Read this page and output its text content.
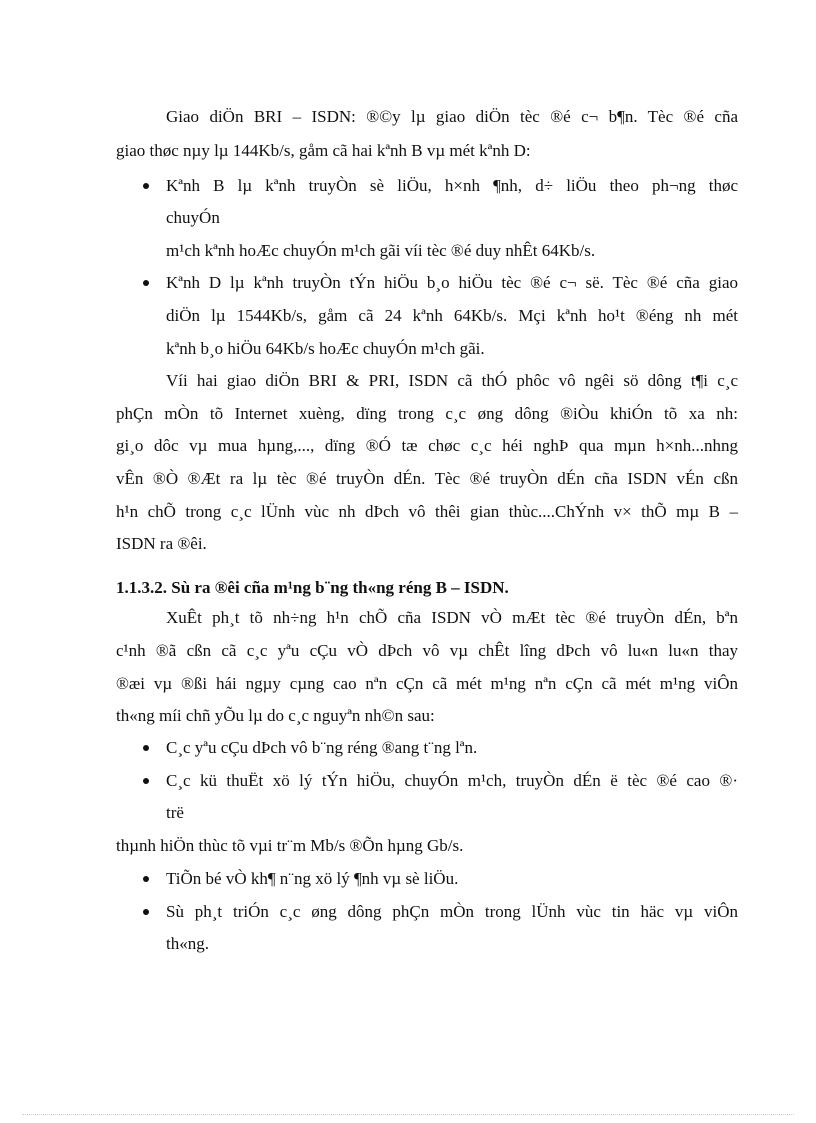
Giao diÖn BRI – ISDN: ®©y lµ giao diÖn tèc ®é c¬ b¶n. Tèc ®é cña
giao thøc nµy lµ 144Kb/s, gåm cã hai kªnh B vµ mét kªnh D:
Kªnh B lµ kªnh truyÒn sè liÖu, h×nh ¶nh, d÷ liÖu theo ph¬ng thøc
chuyÓn
m¹ch kªnh hoÆc chuyÓn m¹ch gãi víi tèc ®é duy nhÊt 64Kb/s.
Kªnh D lµ kªnh truyÒn tÝn hiÖu b¸o hiÖu tèc ®é c¬ së. Tèc ®é cña giao
diÖn lµ 1544Kb/s, gåm cã 24 kªnh 64Kb/s. Mçi kªnh ho¹t ®éng nh mét
kªnh b¸o hiÖu 64Kb/s hoÆc chuyÓn m¹ch gãi.
Víi hai giao diÖn BRI & PRI, ISDN cã thÓ phôc vô ngêi sö dông t¶i c¸c
phÇn mÒn tõ Internet xuèng, dïng trong c¸c øng dông ®iÒu khiÓn tõ xa nh:
gi¸o dôc vµ mua hµng,..., dïng ®Ó tæ chøc c¸c héi nghÞ qua mµn h×nh...nhng
vÊn ®Ò ®Æt ra lµ tèc ®é truyÒn dÉn. Tèc ®é truyÒn dÉn cña ISDN vÉn cßn
h¹n chÕ trong c¸c lÜnh vùc nh dÞch vô thêi gian thùc....ChÝnh v× thÕ mµ B –
ISDN ra ®êi.
1.1.3.2. Sù ra ®êi cña m¹ng b¨ng th«ng réng B – ISDN.
XuÊt ph¸t tõ nh÷ng h¹n chÕ cña ISDN vÒ mÆt tèc ®é truyÒn dÉn, bªn
c¹nh ®ã cßn cã c¸c yªu cÇu vÒ dÞch vô vµ chÊt lîng dÞch vô lu«n lu«n thay
®æi vµ ®ßi hái ngµy cµng cao nªn cÇn cã mét m¹ng nªn cÇn cã mét m¹ng viÔn
th«ng míi chñ yÕu lµ do c¸c nguyªn nh©n sau:
C¸c yªu cÇu dÞch vô b¨ng réng ®ang t¨ng lªn.
C¸c kü thuËt xö lý tÝn hiÖu, chuyÓn m¹ch, truyÒn dÉn ë tèc ®é cao ®·
trë
thµnh hiÖn thùc tõ vµi tr¨m Mb/s ®Õn hµng Gb/s.
TiÕn bé vÒ kh¶ n¨ng xö lý ¶nh vµ sè liÖu.
Sù ph¸t triÓn c¸c øng dông phÇn mÒn trong lÜnh vùc tin häc vµ viÔn
th«ng.
